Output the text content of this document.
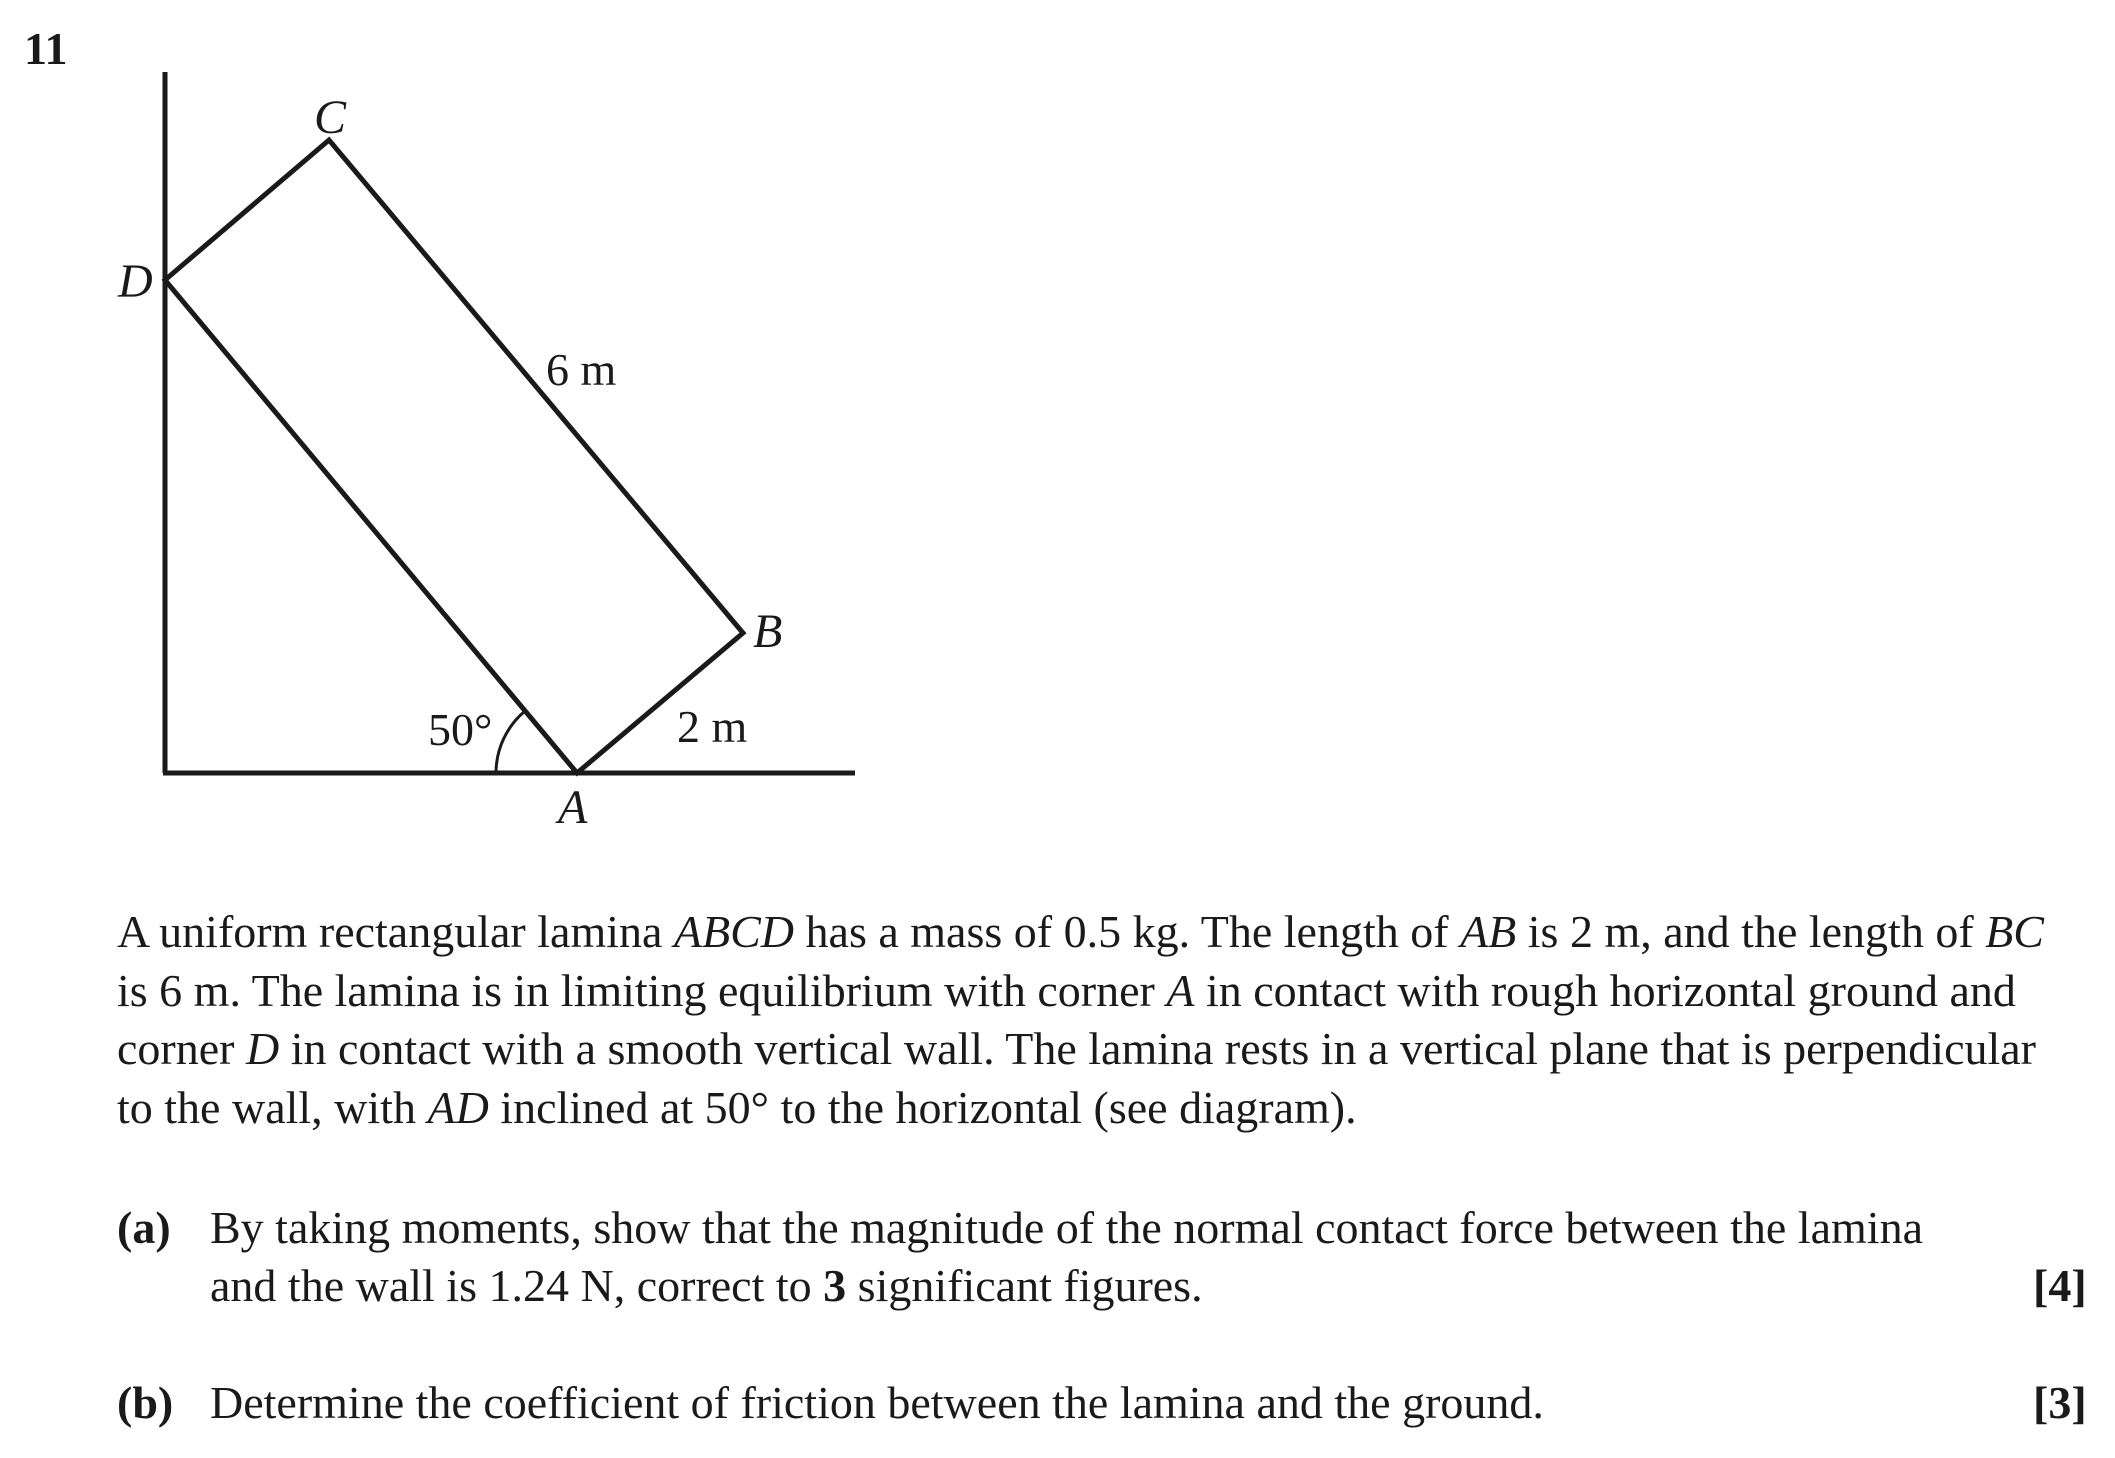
11
C
D
B
A
6 m
2 m
50°

A uniform rectangular lamina ABCD has a mass of 0.5 kg. The length of AB is 2 m, and the length of BC is 6 m. The lamina is in limiting equilibrium with corner A in contact with rough horizontal ground and corner D in contact with a smooth vertical wall. The lamina rests in a vertical plane that is perpendicular to the wall, with AD inclined at 50° to the horizontal (see diagram).

(a) By taking moments, show that the magnitude of the normal contact force between the lamina
and the wall is 1.24 N, correct to 3 significant figures.	[4]
(b) Determine the coefficient of friction between the lamina and the ground.	[3]
